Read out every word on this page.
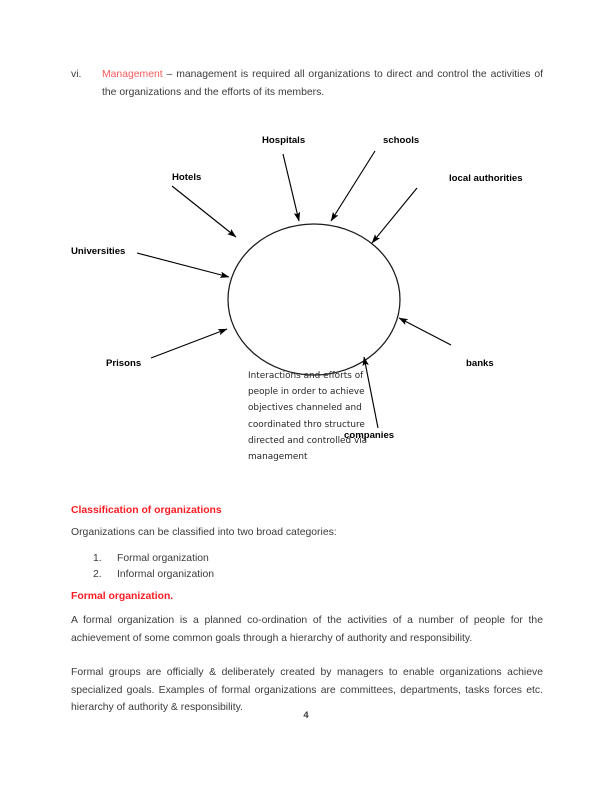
vi.	Management – management is required all organizations to direct and control the activities of the organizations and the efforts of its members.
Interactions and efforts of
people in order to achieve
objectives channeled and
coordinated thro structure
directed and controlled via
management
Hospitals	schools
Hotels	local authorities
Universities
Prisons	banks
companies
Classification of organizations
Organizations can be classified into two broad categories:
1. Formal organization
2. Informal organization
Formal organization.
A formal organization is a planned co-ordination of the activities of a number of people for the achievement of some common goals through a hierarchy of authority and responsibility.
Formal groups are officially & deliberately created by managers to enable organizations achieve specialized goals. Examples of formal organizations are committees, departments, tasks forces etc. hierarchy of authority & responsibility.
4
